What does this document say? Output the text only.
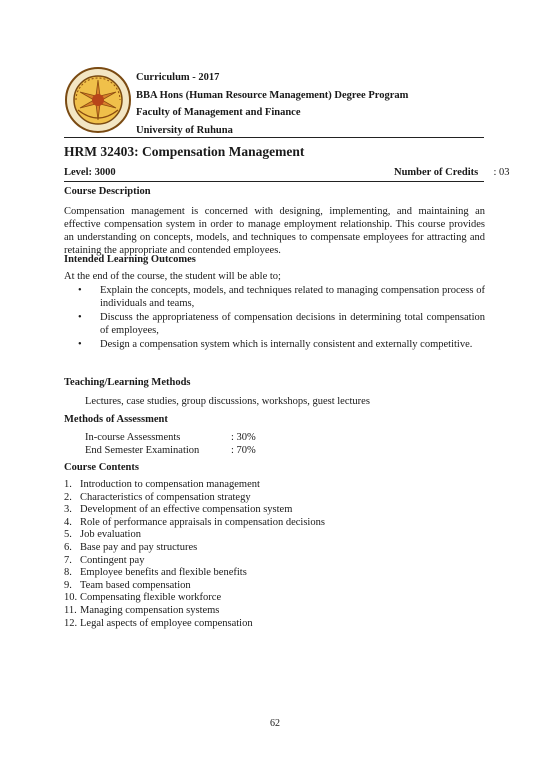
Curriculum - 2017
BBA Hons (Human Resource Management) Degree Program
Faculty of Management and Finance
University of Ruhuna
HRM 32403: Compensation Management
Level: 3000	Number of Credits : 03
Course Description

Compensation management is concerned with designing, implementing, and maintaining an effective compensation system in order to manage employment relationship. This course provides an understanding on concepts, models, and techniques to compensate employees for attracting and retaining the appropriate and contended employees.

Intended Learning Outcomes
At the end of the course, the student will be able to;
• Explain the concepts, models, and techniques related to managing compensation process of individuals and teams,
• Discuss the appropriateness of compensation decisions in determining total compensation of employees,
• Design a compensation system which is internally consistent and externally competitive.
Teaching/Learning Methods
Lectures, case studies, group discussions, workshops, guest lectures
Methods of Assessment
In-course Assessments	: 30%
End Semester Examination	: 70%
Course Contents
1. Introduction to compensation management
2. Characteristics of compensation strategy
3. Development of an effective compensation system
4. Role of performance appraisals in compensation decisions
5. Job evaluation
6. Base pay and pay structures
7. Contingent pay
8. Employee benefits and flexible benefits
9. Team based compensation
10. Compensating flexible workforce
11. Managing compensation systems
12. Legal aspects of employee compensation
62
